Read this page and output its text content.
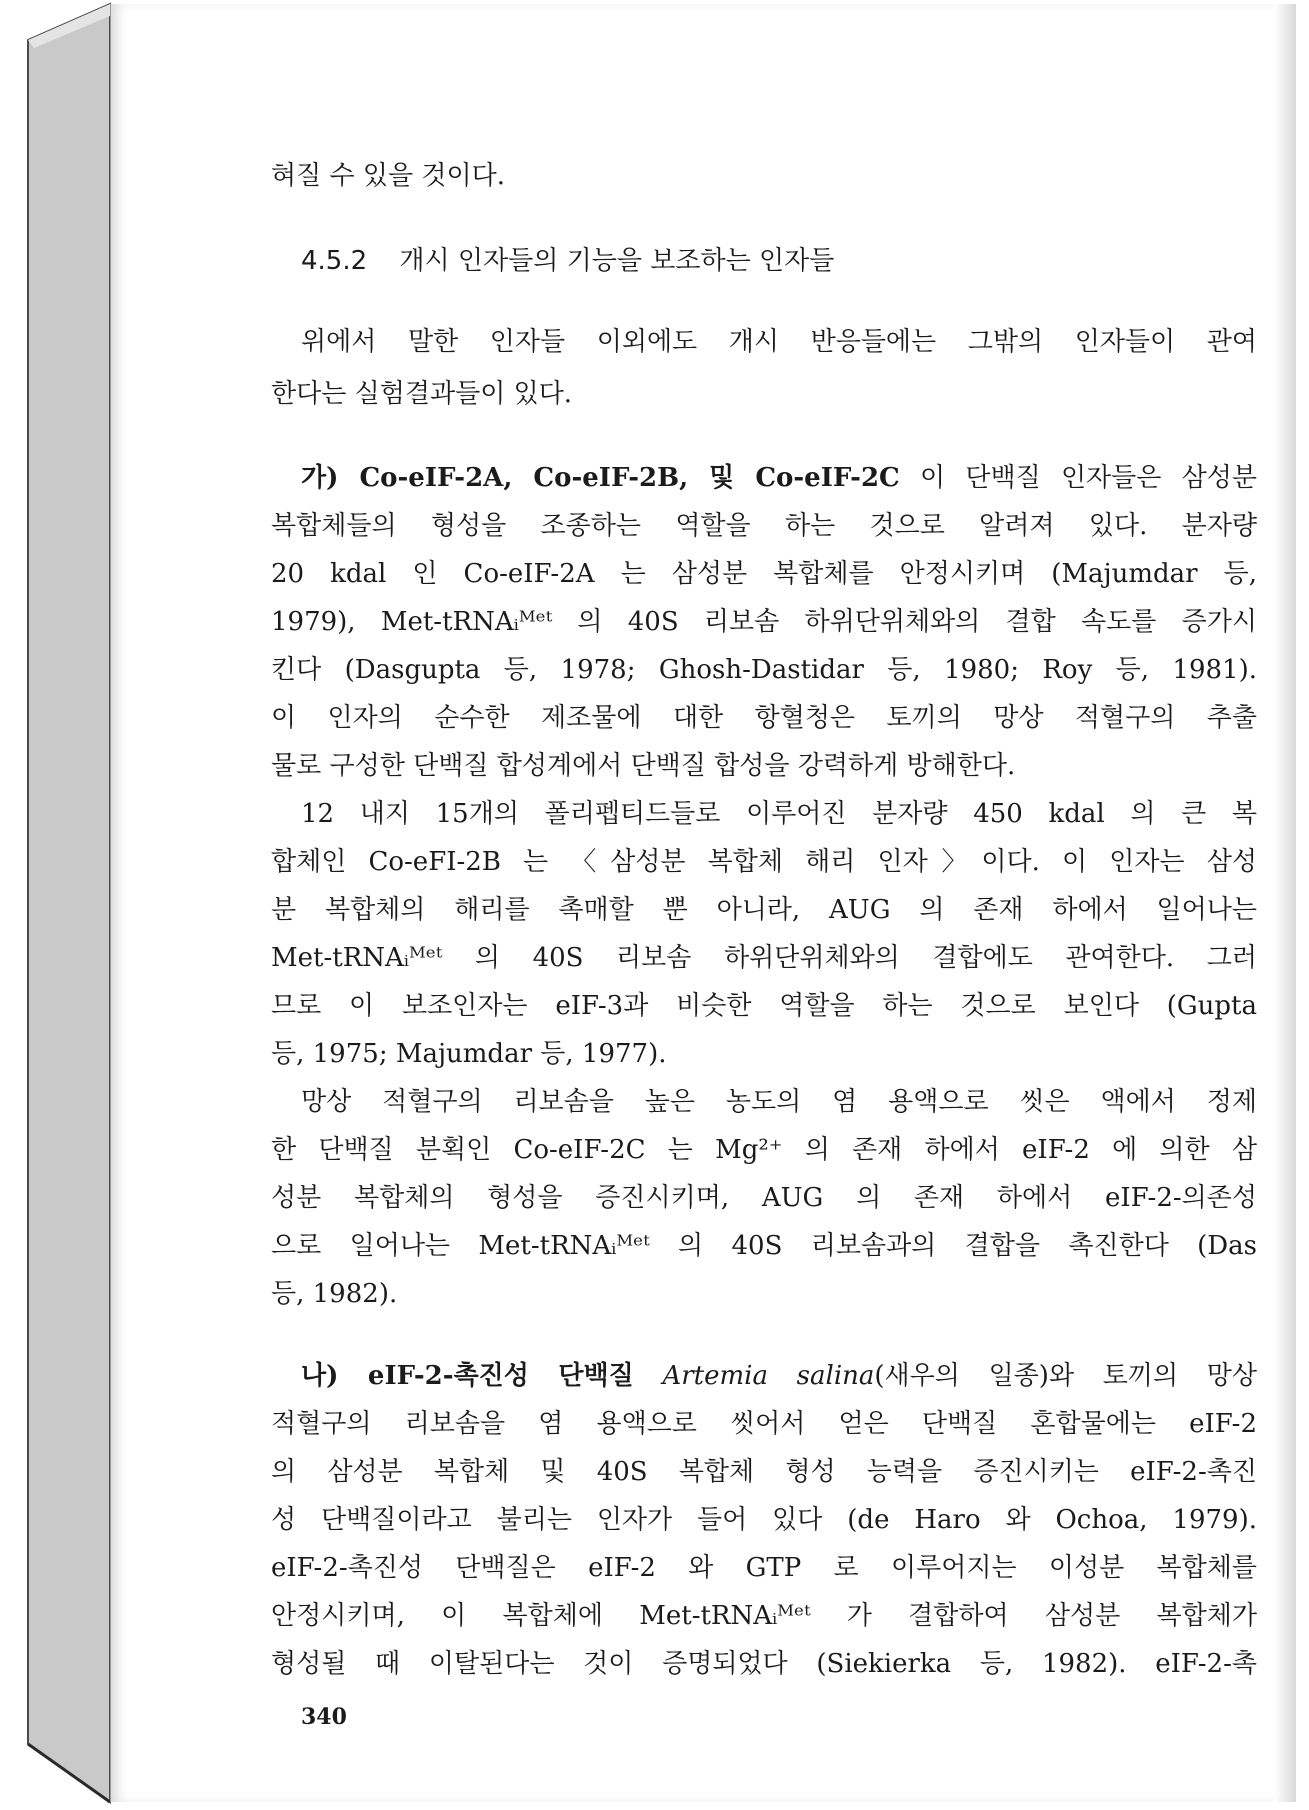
혀질 수 있을 것이다.
4.5.2 개시 인자들의 기능을 보조하는 인자들
위에서 말한 인자들 이외에도 개시 반응들에는 그밖의 인자들이 관여
한다는 실험결과들이 있다.
가) Co-eIF-2A, Co-eIF-2B, 및 Co-eIF-2C 이 단백질 인자들은 삼성분
복합체들의 형성을 조종하는 역할을 하는 것으로 알려져 있다. 분자량
20 kdal 인 Co-eIF-2A 는 삼성분 복합체를 안정시키며 (Majumdar 등,
1979), Met-tRNAᵢᴹᵉᵗ 의 40S 리보솜 하위단위체와의 결합 속도를 증가시
킨다 (Dasgupta 등, 1978; Ghosh-Dastidar 등, 1980; Roy 등, 1981).
이 인자의 순수한 제조물에 대한 항혈청은 토끼의 망상 적혈구의 추출
물로 구성한 단백질 합성계에서 단백질 합성을 강력하게 방해한다.
12 내지 15개의 폴리펩티드들로 이루어진 분자량 450 kdal 의 큰 복
합체인 Co-eFI-2B 는 〈삼성분 복합체 해리 인자〉이다. 이 인자는 삼성
분 복합체의 해리를 촉매할 뿐 아니라, AUG 의 존재 하에서 일어나는
Met-tRNAᵢᴹᵉᵗ 의 40S 리보솜 하위단위체와의 결합에도 관여한다. 그러
므로 이 보조인자는 eIF-3과 비슷한 역할을 하는 것으로 보인다 (Gupta
등, 1975; Majumdar 등, 1977).
망상 적혈구의 리보솜을 높은 농도의 염 용액으로 씻은 액에서 정제
한 단백질 분획인 Co-eIF-2C 는 Mg²⁺ 의 존재 하에서 eIF-2 에 의한 삼
성분 복합체의 형성을 증진시키며, AUG 의 존재 하에서 eIF-2-의존성
으로 일어나는 Met-tRNAᵢᴹᵉᵗ 의 40S 리보솜과의 결합을 촉진한다 (Das
등, 1982).
나) eIF-2-촉진성 단백질 Artemia salina(새우의 일종)와 토끼의 망상
적혈구의 리보솜을 염 용액으로 씻어서 얻은 단백질 혼합물에는 eIF-2
의 삼성분 복합체 및 40S 복합체 형성 능력을 증진시키는 eIF-2-촉진
성 단백질이라고 불리는 인자가 들어 있다 (de Haro 와 Ochoa, 1979).
eIF-2-촉진성 단백질은 eIF-2 와 GTP 로 이루어지는 이성분 복합체를
안정시키며, 이 복합체에 Met-tRNAᵢᴹᵉᵗ 가 결합하여 삼성분 복합체가
형성될 때 이탈된다는 것이 증명되었다 (Siekierka 등, 1982). eIF-2-촉
340
